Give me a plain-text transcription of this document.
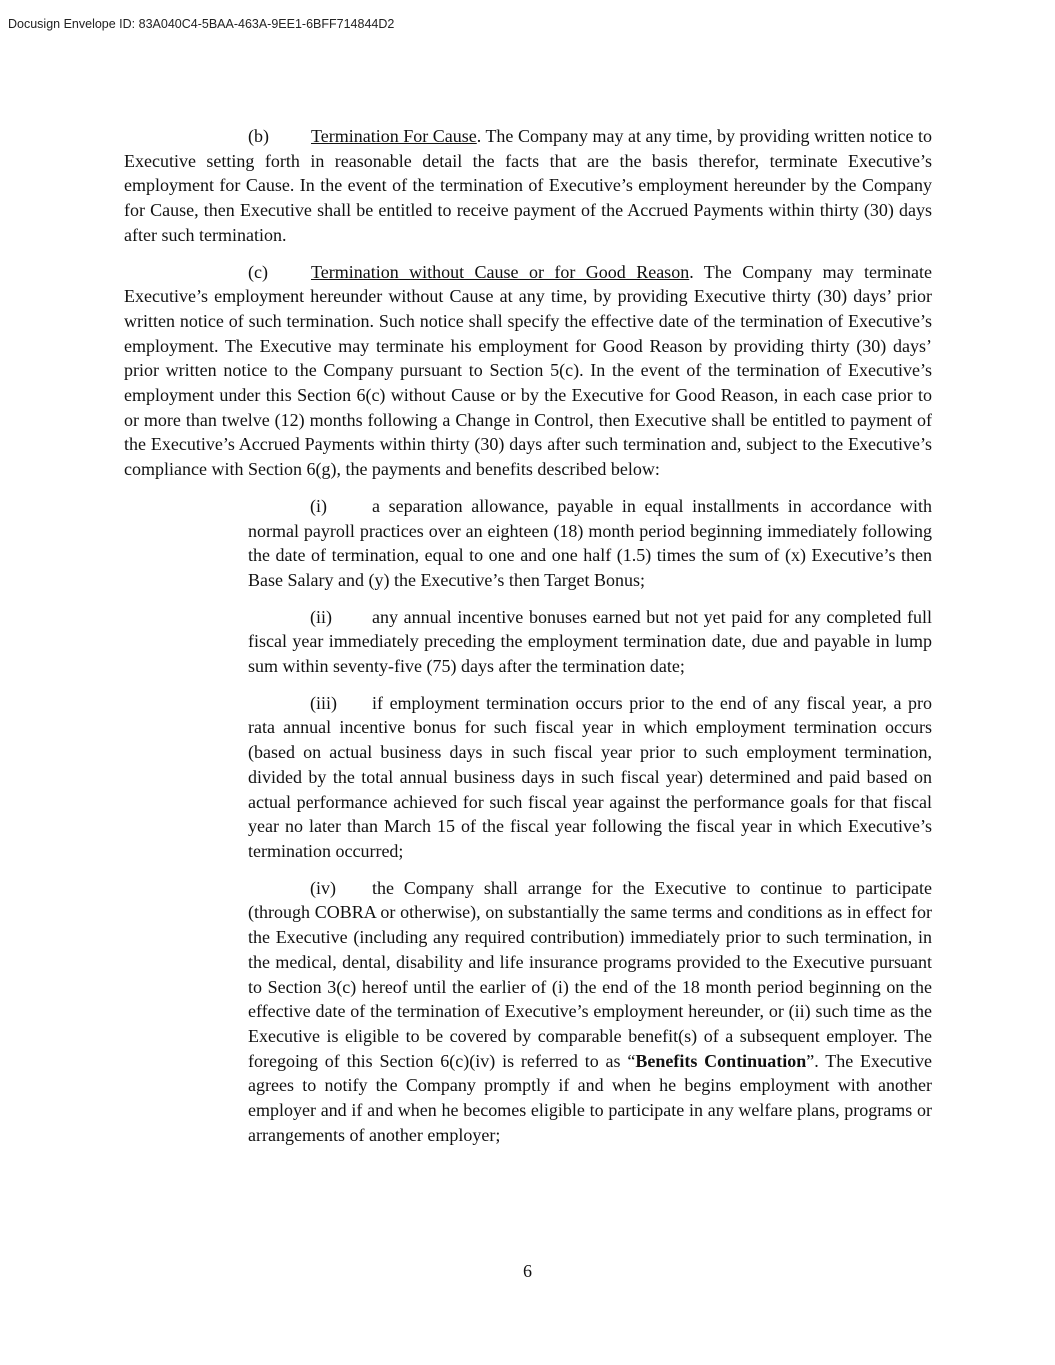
Docusign Envelope ID: 83A040C4-5BAA-463A-9EE1-6BFF714844D2

(b) Termination For Cause. The Company may at any time, by providing written notice to Executive setting forth in reasonable detail the facts that are the basis therefor, terminate Executive’s employment for Cause. In the event of the termination of Executive’s employment hereunder by the Company for Cause, then Executive shall be entitled to receive payment of the Accrued Payments within thirty (30) days after such termination.

(c) Termination without Cause or for Good Reason. The Company may terminate Executive’s employment hereunder without Cause at any time, by providing Executive thirty (30) days’ prior written notice of such termination. Such notice shall specify the effective date of the termination of Executive’s employment. The Executive may terminate his employment for Good Reason by providing thirty (30) days’ prior written notice to the Company pursuant to Section 5(c). In the event of the termination of Executive’s employment under this Section 6(c) without Cause or by the Executive for Good Reason, in each case prior to or more than twelve (12) months following a Change in Control, then Executive shall be entitled to payment of the Executive’s Accrued Payments within thirty (30) days after such termination and, subject to the Executive’s compliance with Section 6(g), the payments and benefits described below:

(i)	a separation allowance, payable in equal installments in accordance with normal payroll practices over an eighteen (18) month period beginning immediately following the date of termination, equal to one and one half (1.5) times the sum of (x) Executive’s then Base Salary and (y) the Executive’s then Target Bonus;

(ii) any annual incentive bonuses earned but not yet paid for any completed full fiscal year immediately preceding the employment termination date, due and payable in lump sum within seventy-five (75) days after the termination date;

(iii) if employment termination occurs prior to the end of any fiscal year, a pro rata annual incentive bonus for such fiscal year in which employment termination occurs (based on actual business days in such fiscal year prior to such employment termination, divided by the total annual business days in such fiscal year) determined and paid based on actual performance achieved for such fiscal year against the performance goals for that fiscal year no later than March 15 of the fiscal year following the fiscal year in which Executive’s termination occurred;

(iv) the Company shall arrange for the Executive to continue to participate (through COBRA or otherwise), on substantially the same terms and conditions as in effect for the Executive (including any required contribution) immediately prior to such termination, in the medical, dental, disability and life insurance programs provided to the Executive pursuant to Section 3(c) hereof until the earlier of (i) the end of the 18 month period beginning on the effective date of the termination of Executive’s employment hereunder, or (ii) such time as the Executive is eligible to be covered by comparable benefit(s) of a subsequent employer. The foregoing of this Section 6(c)(iv) is referred to as “Benefits Continuation”. The Executive agrees to notify the Company promptly if and when he begins employment with another employer and if and when he becomes eligible to participate in any welfare plans, programs or arrangements of another employer;

6
